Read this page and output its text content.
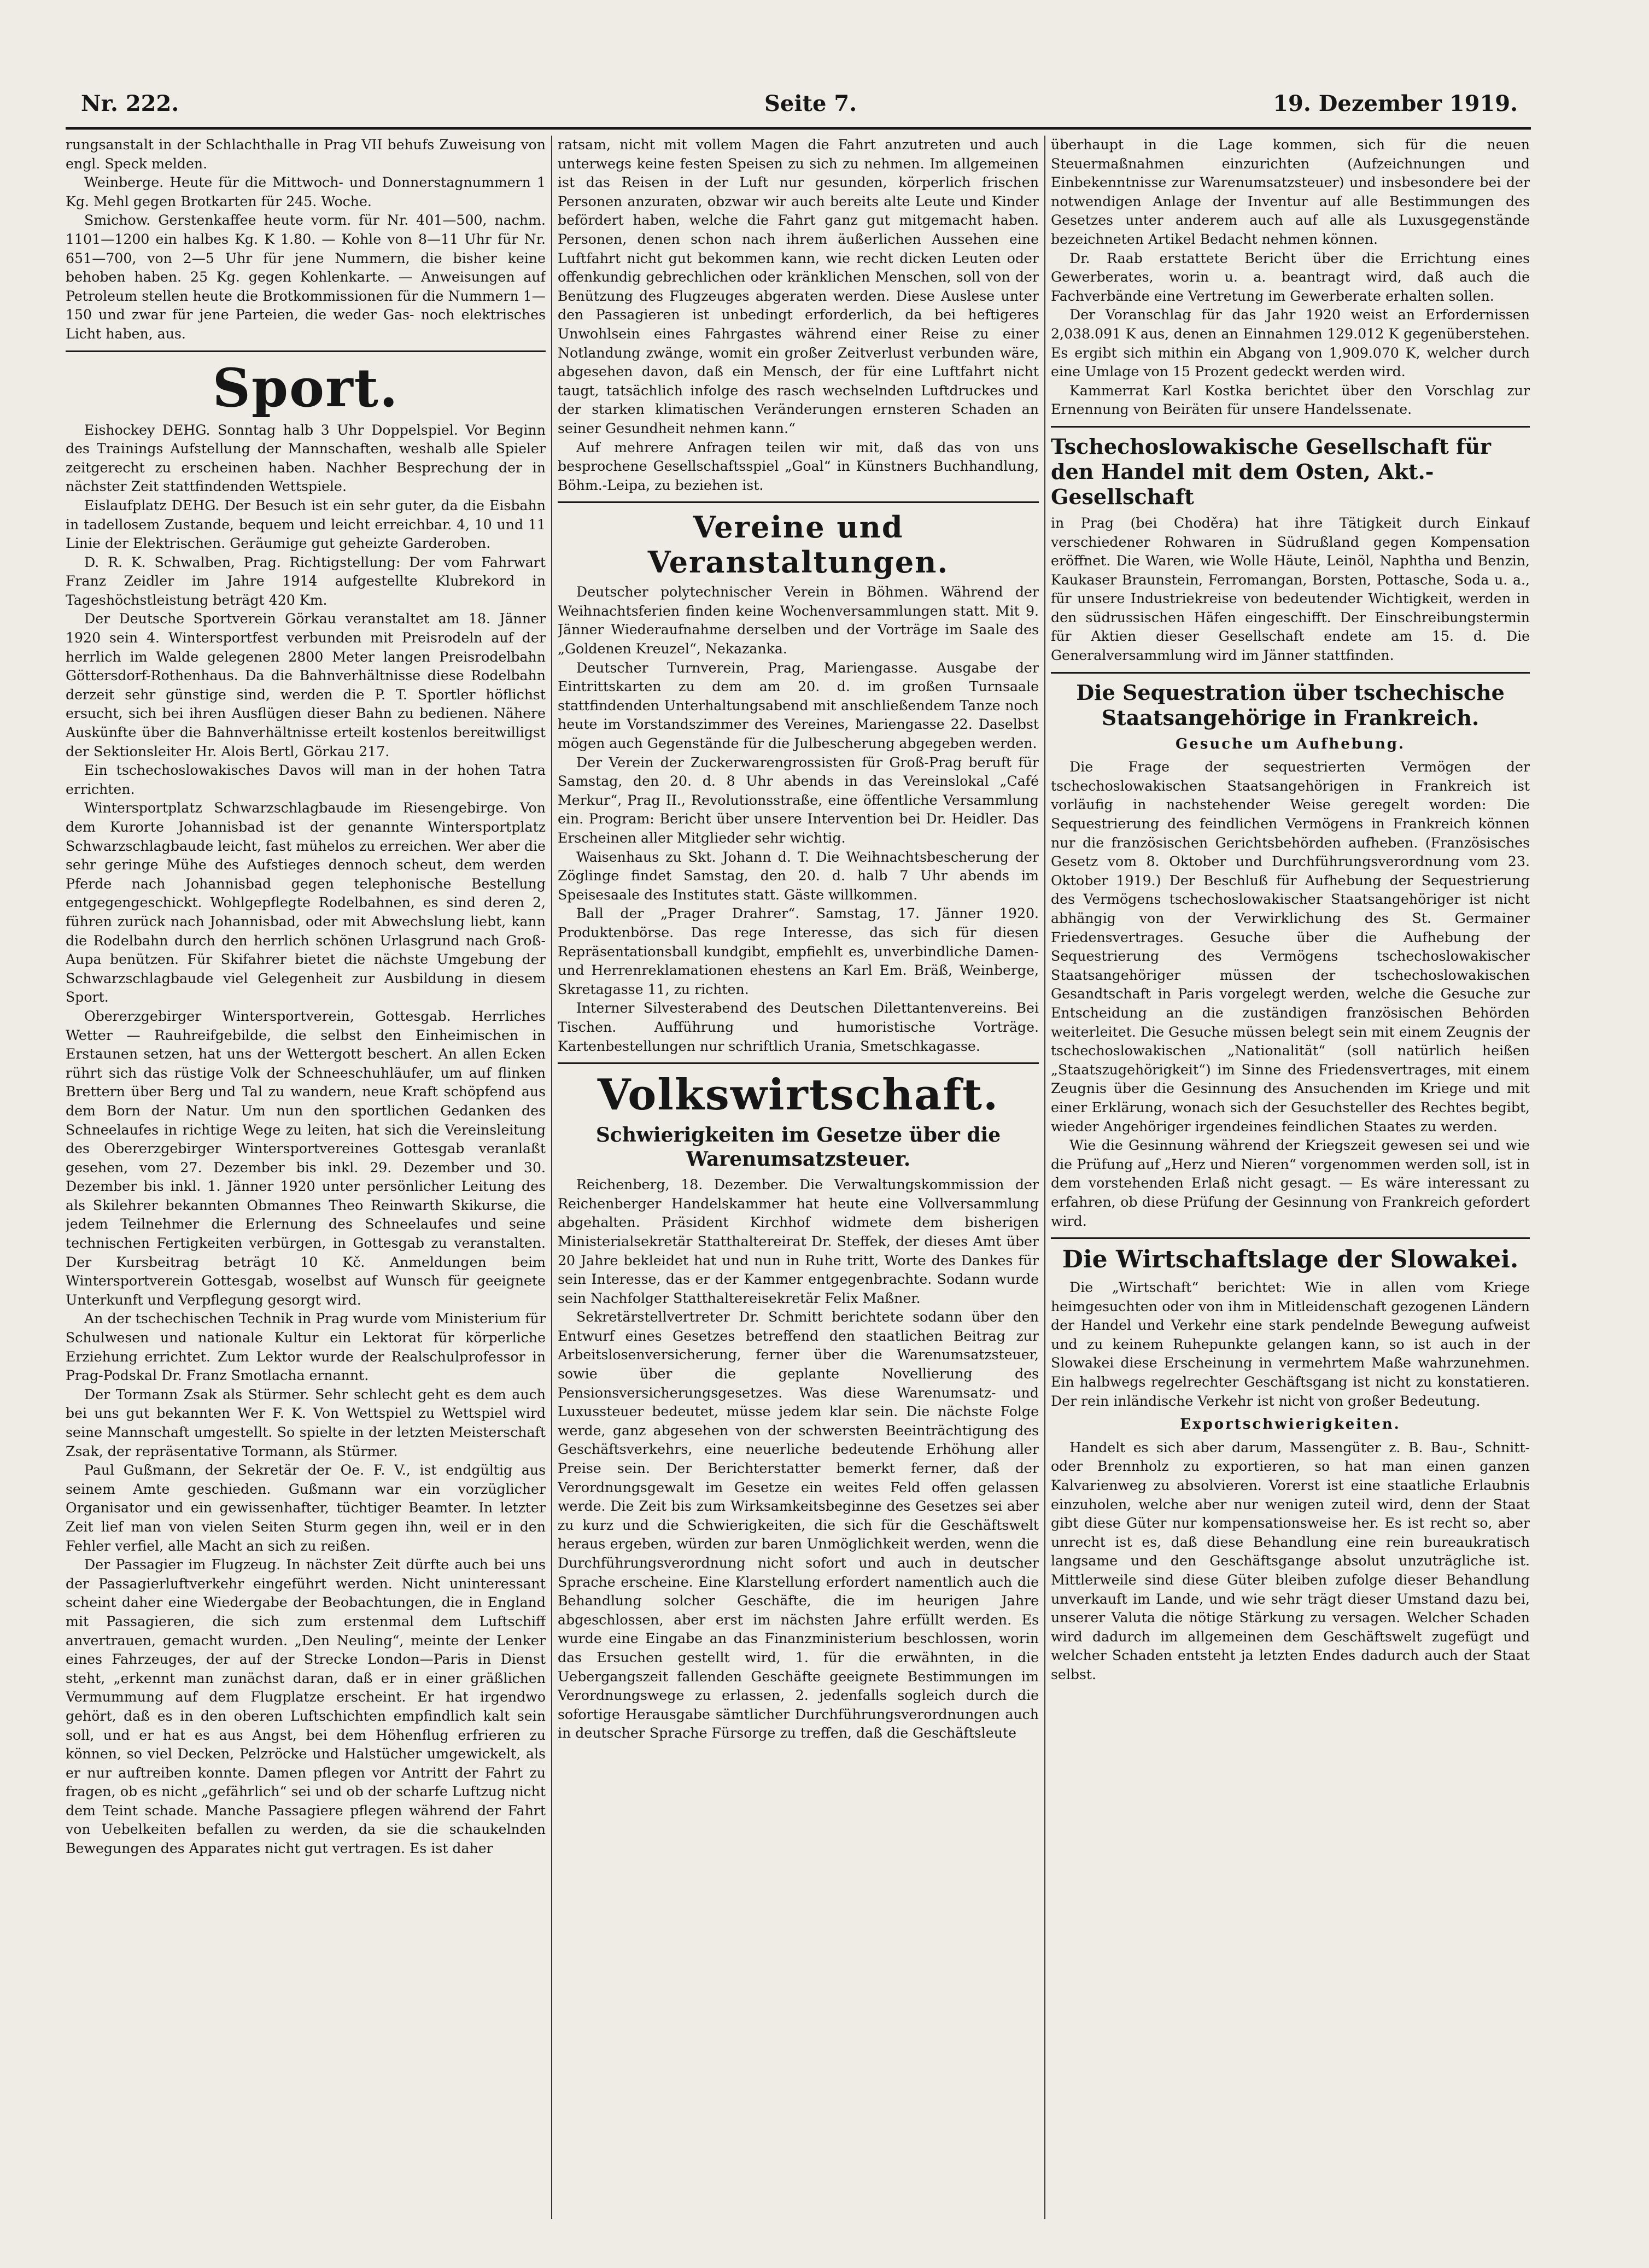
Nr. 222.	Seite 7.	19. Dezember 1919.

rungsanstalt in der Schlachthalle in Prag VII behufs Zuweisung von engl. Speck melden.

Weinberge. Heute für die Mittwoch- und Donnerstagnummern 1 Kg. Mehl gegen Brotkarten für 245. Woche.

Smichow. Gerstenkaffee heute vorm. für Nr. 401—500, nachm. 1101—1200 ein halbes Kg. K 1.80. — Kohle von 8—11 Uhr für Nr. 651—700, von 2—5 Uhr für jene Nummern, die bisher keine behoben haben. 25 Kg. gegen Kohlenkarte. — Anweisungen auf Petroleum stellen heute die Brotkommissionen für die Nummern 1—150 und zwar für jene Parteien, die weder Gas- noch elektrisches Licht haben, aus.

Sport.

Eishockey DEHG. Sonntag halb 3 Uhr Doppelspiel. Vor Beginn des Trainings Aufstellung der Mannschaften, weshalb alle Spieler zeitgerecht zu erscheinen haben. Nachher Besprechung der in nächster Zeit stattfindenden Wettspiele.

Eislaufplatz DEHG. Der Besuch ist ein sehr guter, da die Eisbahn in tadellosem Zustande, bequem und leicht erreichbar. 4, 10 und 11 Linie der Elektrischen. Geräumige gut geheizte Garderoben.

D. R. K. Schwalben, Prag. Richtigstellung: Der vom Fahrwart Franz Zeidler im Jahre 1914 aufgestellte Klubrekord in Tageshöchstleistung beträgt 420 Km.

Der Deutsche Sportverein Görkau veranstaltet am 18. Jänner 1920 sein 4. Wintersportfest verbunden mit Preisrodeln auf der herrlich im Walde gelegenen 2800 Meter langen Preisrodelbahn Göttersdorf-Rothenhaus. Da die Bahnverhältnisse diese Rodelbahn derzeit sehr günstige sind, werden die P. T. Sportler höflichst ersucht, sich bei ihren Ausflügen dieser Bahn zu bedienen. Nähere Auskünfte über die Bahnverhältnisse erteilt kostenlos bereitwilligst der Sektionsleiter Hr. Alois Bertl, Görkau 217.

Ein tschechoslowakisches Davos will man in der hohen Tatra errichten.

Wintersportplatz Schwarzschlagbaude im Riesengebirge. Von dem Kurorte Johannisbad ist der genannte Wintersportplatz Schwarzschlagbaude leicht, fast mühelos zu erreichen. Wer aber die sehr geringe Mühe des Aufstieges dennoch scheut, dem werden Pferde nach Johannisbad gegen telephonische Bestellung entgegengeschickt. Wohlgepflegte Rodelbahnen, es sind deren 2, führen zurück nach Johannisbad, oder mit Abwechslung liebt, kann die Rodelbahn durch den herrlich schönen Urlasgrund nach Groß-Aupa benützen. Für Skifahrer bietet die nächste Umgebung der Schwarzschlagbaude viel Gelegenheit zur Ausbildung in diesem Sport.

Obererzgebirger Wintersportverein, Gottesgab. Herrliches Wetter — Rauhreifgebilde, die selbst den Einheimischen in Erstaunen setzen, hat uns der Wettergott beschert. An allen Ecken rührt sich das rüstige Volk der Schneeschuhläufer, um auf flinken Brettern über Berg und Tal zu wandern, neue Kraft schöpfend aus dem Born der Natur. Um nun den sportlichen Gedanken des Schneelaufes in richtige Wege zu leiten, hat sich die Vereinsleitung des Obererzgebirger Wintersportvereines Gottesgab veranlaßt gesehen, vom 27. Dezember bis inkl. 29. Dezember und 30. Dezember bis inkl. 1. Jänner 1920 unter persönlicher Leitung des als Skilehrer bekannten Obmannes Theo Reinwarth Skikurse, die jedem Teilnehmer die Erlernung des Schneelaufes und seine technischen Fertigkeiten verbürgen, in Gottesgab zu veranstalten. Der Kursbeitrag beträgt 10 Kč. Anmeldungen beim Wintersportverein Gottesgab, woselbst auf Wunsch für geeignete Unterkunft und Verpflegung gesorgt wird.

An der tschechischen Technik in Prag wurde vom Ministerium für Schulwesen und nationale Kultur ein Lektorat für körperliche Erziehung errichtet. Zum Lektor wurde der Realschulprofessor in Prag-Podskal Dr. Franz Smotlacha ernannt.

Der Tormann Zsak als Stürmer. Sehr schlecht geht es dem auch bei uns gut bekannten Wer F. K. Von Wettspiel zu Wettspiel wird seine Mannschaft umgestellt. So spielte in der letzten Meisterschaft Zsak, der repräsentative Tormann, als Stürmer.

Paul Gußmann, der Sekretär der Oe. F. V., ist endgültig aus seinem Amte geschieden. Gußmann war ein vorzüglicher Organisator und ein gewissenhafter, tüchtiger Beamter. In letzter Zeit lief man von vielen Seiten Sturm gegen ihn, weil er in den Fehler verfiel, alle Macht an sich zu reißen.

Der Passagier im Flugzeug. In nächster Zeit dürfte auch bei uns der Passagierluftverkehr eingeführt werden. Nicht uninteressant scheint daher eine Wiedergabe der Beobachtungen, die in England mit Passagieren, die sich zum erstenmal dem Luftschiff anvertrauen, gemacht wurden. „Den Neuling“, meinte der Lenker eines Fahrzeuges, der auf der Strecke London—Paris in Dienst steht, „erkennt man zunächst daran, daß er in einer gräßlichen Vermummung auf dem Flugplatze erscheint. Er hat irgendwo gehört, daß es in den oberen Luftschichten empfindlich kalt sein soll, und er hat es aus Angst, bei dem Höhenflug erfrieren zu können, so viel Decken, Pelzröcke und Halstücher umgewickelt, als er nur auftreiben konnte. Damen pflegen vor Antritt der Fahrt zu fragen, ob es nicht „gefährlich“ sei und ob der scharfe Luftzug nicht dem Teint schade. Manche Passagiere pflegen während der Fahrt von Uebelkeiten befallen zu werden, da sie die schaukelnden Bewegungen des Apparates nicht gut vertragen. Es ist daher

ratsam, nicht mit vollem Magen die Fahrt anzutreten und auch unterwegs keine festen Speisen zu sich zu nehmen. Im allgemeinen ist das Reisen in der Luft nur gesunden, körperlich frischen Personen anzuraten, obzwar wir auch bereits alte Leute und Kinder befördert haben, welche die Fahrt ganz gut mitgemacht haben. Personen, denen schon nach ihrem äußerlichen Aussehen eine Luftfahrt nicht gut bekommen kann, wie recht dicken Leuten oder offenkundig gebrechlichen oder kränklichen Menschen, soll von der Benützung des Flugzeuges abgeraten werden. Diese Auslese unter den Passagieren ist unbedingt erforderlich, da bei heftigeres Unwohlsein eines Fahrgastes während einer Reise zu einer Notlandung zwänge, womit ein großer Zeitverlust verbunden wäre, abgesehen davon, daß ein Mensch, der für eine Luftfahrt nicht taugt, tatsächlich infolge des rasch wechselnden Luftdruckes und der starken klimatischen Veränderungen ernsteren Schaden an seiner Gesundheit nehmen kann.“

Auf mehrere Anfragen teilen wir mit, daß das von uns besprochene Gesellschaftsspiel „Goal“ in Künstners Buchhandlung, Böhm.-Leipa, zu beziehen ist.

Vereine und Veranstaltungen.

Deutscher polytechnischer Verein in Böhmen. Während der Weihnachtsferien finden keine Wochenversammlungen statt. Mit 9. Jänner Wiederaufnahme derselben und der Vorträge im Saale des „Goldenen Kreuzel“, Nekazanka.

Deutscher Turnverein, Prag, Mariengasse. Ausgabe der Eintrittskarten zu dem am 20. d. im großen Turnsaale stattfindenden Unterhaltungsabend mit anschließendem Tanze noch heute im Vorstandszimmer des Vereines, Mariengasse 22. Daselbst mögen auch Gegenstände für die Julbescherung abgegeben werden.

Der Verein der Zuckerwarengrossisten für Groß-Prag beruft für Samstag, den 20. d. 8 Uhr abends in das Vereinslokal „Café Merkur“, Prag II., Revolutionsstraße, eine öffentliche Versammlung ein. Program: Bericht über unsere Intervention bei Dr. Heidler. Das Erscheinen aller Mitglieder sehr wichtig.

Waisenhaus zu Skt. Johann d. T. Die Weihnachtsbescherung der Zöglinge findet Samstag, den 20. d. halb 7 Uhr abends im Speisesaale des Institutes statt. Gäste willkommen.

Ball der „Prager Drahrer“. Samstag, 17. Jänner 1920. Produktenbörse. Das rege Interesse, das sich für diesen Repräsentationsball kundgibt, empfiehlt es, unverbindliche Damen- und Herrenreklamationen ehestens an Karl Em. Bräß, Weinberge, Skretagasse 11, zu richten.

Interner Silvesterabend des Deutschen Dilettantenvereins. Bei Tischen. Aufführung und humoristische Vorträge. Kartenbestellungen nur schriftlich Urania, Smetschkagasse.

Volkswirtschaft.
Schwierigkeiten im Gesetze über die Warenumsatzsteuer.

Reichenberg, 18. Dezember. Die Verwaltungskommission der Reichenberger Handelskammer hat heute eine Vollversammlung abgehalten. Präsident Kirchhof widmete dem bisherigen Ministerialsekretär Statthaltereirat Dr. Steffek, der dieses Amt über 20 Jahre bekleidet hat und nun in Ruhe tritt, Worte des Dankes für sein Interesse, das er der Kammer entgegenbrachte. Sodann wurde sein Nachfolger Statthaltereisekretär Felix Maßner.

Sekretärstellvertreter Dr. Schmitt berichtete sodann über den Entwurf eines Gesetzes betreffend den staatlichen Beitrag zur Arbeitslosenversicherung, ferner über die Warenumsatzsteuer, sowie über die geplante Novellierung des Pensionsversicherungsgesetzes. Was diese Warenumsatz- und Luxussteuer bedeutet, müsse jedem klar sein. Die nächste Folge werde, ganz abgesehen von der schwersten Beeinträchtigung des Geschäftsverkehrs, eine neuerliche bedeutende Erhöhung aller Preise sein. Der Berichterstatter bemerkt ferner, daß der Verordnungsgewalt im Gesetze ein weites Feld offen gelassen werde. Die Zeit bis zum Wirksamkeitsbeginne des Gesetzes sei aber zu kurz und die Schwierigkeiten, die sich für die Geschäftswelt heraus ergeben, würden zur baren Unmöglichkeit werden, wenn die Durchführungsverordnung nicht sofort und auch in deutscher Sprache erscheine. Eine Klarstellung erfordert namentlich auch die Behandlung solcher Geschäfte, die im heurigen Jahre abgeschlossen, aber erst im nächsten Jahre erfüllt werden. Es wurde eine Eingabe an das Finanzministerium beschlossen, worin das Ersuchen gestellt wird, 1. für die erwähnten, in die Uebergangszeit fallenden Geschäfte geeignete Bestimmungen im Verordnungswege zu erlassen, 2. jedenfalls sogleich durch die sofortige Herausgabe sämtlicher Durchführungsverordnungen auch in deutscher Sprache Fürsorge zu treffen, daß die Geschäftsleute

überhaupt in die Lage kommen, sich für die neuen Steuermaßnahmen einzurichten (Aufzeichnungen und Einbekenntnisse zur Warenumsatzsteuer) und insbesondere bei der notwendigen Anlage der Inventur auf alle Bestimmungen des Gesetzes unter anderem auch auf alle als Luxusgegenstände bezeichneten Artikel Bedacht nehmen können.

Dr. Raab erstattete Bericht über die Errichtung eines Gewerberates, worin u. a. beantragt wird, daß auch die Fachverbände eine Vertretung im Gewerberate erhalten sollen.

Der Voranschlag für das Jahr 1920 weist an Erfordernissen 2,038.091 K aus, denen an Einnahmen 129.012 K gegenüberstehen. Es ergibt sich mithin ein Abgang von 1,909.070 K, welcher durch eine Umlage von 15 Prozent gedeckt werden wird.

Kammerrat Karl Kostka berichtet über den Vorschlag zur Ernennung von Beiräten für unsere Handelssenate.

Tschechoslowakische Gesellschaft für den Handel mit dem Osten, Akt.-Gesellschaft

in Prag (bei Choděra) hat ihre Tätigkeit durch Einkauf verschiedener Rohwaren in Südrußland gegen Kompensation eröffnet. Die Waren, wie Wolle Häute, Leinöl, Naphtha und Benzin, Kaukaser Braunstein, Ferromangan, Borsten, Pottasche, Soda u. a., für unsere Industriekreise von bedeutender Wichtigkeit, werden in den südrussischen Häfen eingeschifft. Der Einschreibungstermin für Aktien dieser Gesellschaft endete am 15. d. Die Generalversammlung wird im Jänner stattfinden.

Die Sequestration über tschechische Staatsangehörige in Frankreich.
Gesuche um Aufhebung.

Die Frage der sequestrierten Vermögen der tschechoslowakischen Staatsangehörigen in Frankreich ist vorläufig in nachstehender Weise geregelt worden: Die Sequestrierung des feindlichen Vermögens in Frankreich können nur die französischen Gerichtsbehörden aufheben. (Französisches Gesetz vom 8. Oktober und Durchführungsverordnung vom 23. Oktober 1919.) Der Beschluß für Aufhebung der Sequestrierung des Vermögens tschechoslowakischer Staatsangehöriger ist nicht abhängig von der Verwirklichung des St. Germainer Friedensvertrages. Gesuche über die Aufhebung der Sequestrierung des Vermögens tschechoslowakischer Staatsangehöriger müssen der tschechoslowakischen Gesandtschaft in Paris vorgelegt werden, welche die Gesuche zur Entscheidung an die zuständigen französischen Behörden weiterleitet. Die Gesuche müssen belegt sein mit einem Zeugnis der tschechoslowakischen „Nationalität“ (soll natürlich heißen „Staatszugehörigkeit“) im Sinne des Friedensvertrages, mit einem Zeugnis über die Gesinnung des Ansuchenden im Kriege und mit einer Erklärung, wonach sich der Gesuchsteller des Rechtes begibt, wieder Angehöriger irgendeines feindlichen Staates zu werden.

Wie die Gesinnung während der Kriegszeit gewesen sei und wie die Prüfung auf „Herz und Nieren“ vorgenommen werden soll, ist in dem vorstehenden Erlaß nicht gesagt. — Es wäre interessant zu erfahren, ob diese Prüfung der Gesinnung von Frankreich gefordert wird.

Die Wirtschaftslage der Slowakei.

Die „Wirtschaft“ berichtet: Wie in allen vom Kriege heimgesuchten oder von ihm in Mitleidenschaft gezogenen Ländern der Handel und Verkehr eine stark pendelnde Bewegung aufweist und zu keinem Ruhepunkte gelangen kann, so ist auch in der Slowakei diese Erscheinung in vermehrtem Maße wahrzunehmen. Ein halbwegs regelrechter Geschäftsgang ist nicht zu konstatieren. Der rein inländische Verkehr ist nicht von großer Bedeutung.

Exportschwierigkeiten.

Handelt es sich aber darum, Massengüter z. B. Bau-, Schnitt- oder Brennholz zu exportieren, so hat man einen ganzen Kalvarienweg zu absolvieren. Vorerst ist eine staatliche Erlaubnis einzuholen, welche aber nur wenigen zuteil wird, denn der Staat gibt diese Güter nur kompensationsweise her. Es ist recht so, aber unrecht ist es, daß diese Behandlung eine rein bureaukratisch langsame und den Geschäftsgange absolut unzuträgliche ist. Mittlerweile sind diese Güter bleiben zufolge dieser Behandlung unverkauft im Lande, und wie sehr trägt dieser Umstand dazu bei, unserer Valuta die nötige Stärkung zu versagen. Welcher Schaden wird dadurch im allgemeinen dem Geschäftswelt zugefügt und welcher Schaden entsteht ja letzten Endes dadurch auch der Staat selbst.
